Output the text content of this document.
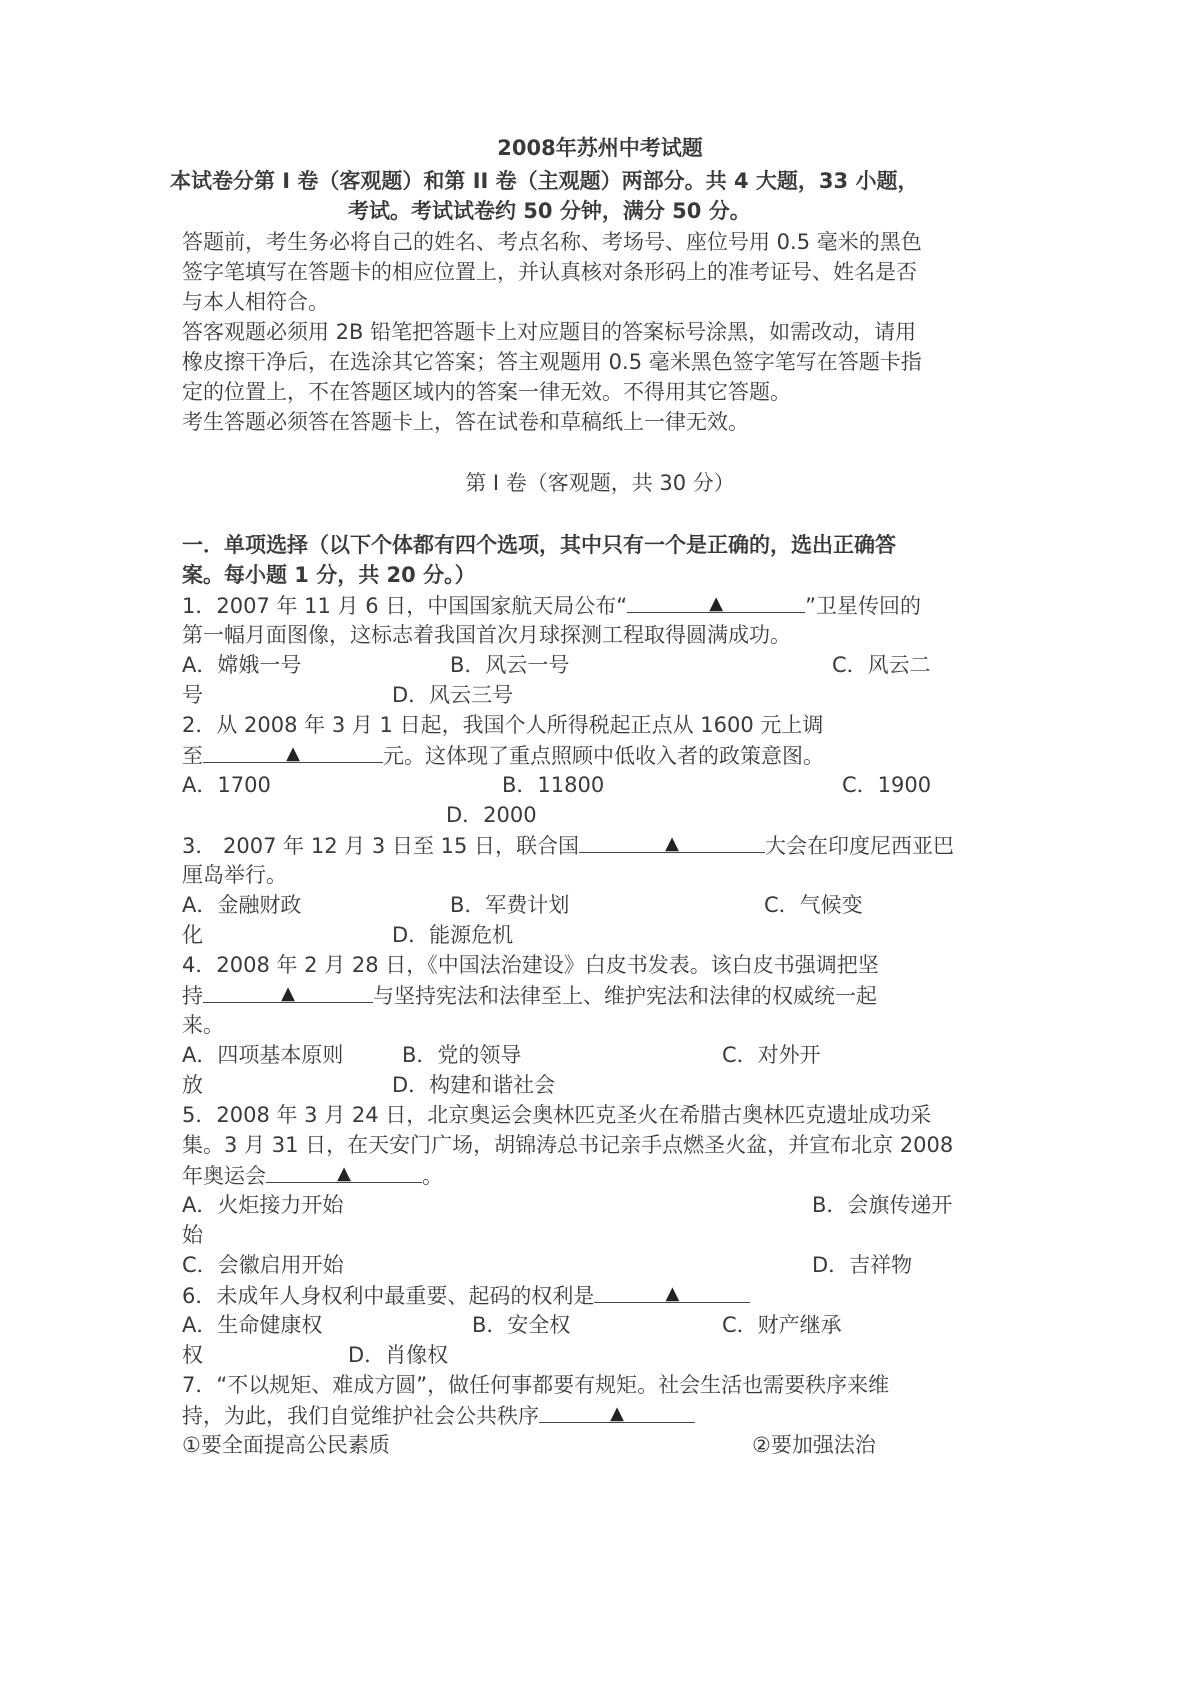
2008年苏州中考试题
本试卷分第 I 卷（客观题）和第 II 卷（主观题）两部分。共 4 大题，33 小题，
考试。考试试卷约 50 分钟，满分 50 分。
答题前，考生务必将自己的姓名、考点名称、考场号、座位号用 0.5 毫米的黑色
签字笔填写在答题卡的相应位置上，并认真核对条形码上的准考证号、姓名是否
与本人相符合。
答客观题必须用 2B 铅笔把答题卡上对应题目的答案标号涂黑，如需改动，请用
橡皮擦干净后，在选涂其它答案；答主观题用 0.5 毫米黑色签字笔写在答题卡指
定的位置上，不在答题区域内的答案一律无效。不得用其它答题。
考生答题必须答在答题卡上，答在试卷和草稿纸上一律无效。
第 I 卷（客观题，共 30 分）
一．单项选择（以下个体都有四个选项，其中只有一个是正确的，选出正确答
案。每小题 1 分，共 20 分。）
1．2007 年 11 月 6 日，中国国家航天局公布“	▲	”卫星传回的
第一幅月面图像，这标志着我国首次月球探测工程取得圆满成功。
A．嫦娥一号	B．风云一号	C．风云二
号	D．风云三号
2．从 2008 年 3 月 1 日起，我国个人所得税起正点从 1600 元上调
至	▲	元。这体现了重点照顾中低收入者的政策意图。
A．1700	B．11800	C．1900
D．2000
3． 2007 年 12 月 3 日至 15 日，联合国	▲	大会在印度尼西亚巴
厘岛举行。
A．金融财政	B．军费计划	C．气候变
化	D．能源危机
4．2008 年 2 月 28 日，《中国法治建设》白皮书发表。该白皮书强调把坚
持	▲	与坚持宪法和法律至上、维护宪法和法律的权威统一起
来。
A．四项基本原则	B．党的领导	C．对外开
放	D．构建和谐社会
5．2008 年 3 月 24 日，北京奥运会奥林匹克圣火在希腊古奥林匹克遗址成功采
集。3 月 31 日，在天安门广场，胡锦涛总书记亲手点燃圣火盆，并宣布北京 2008
年奥运会	▲	。
A．火炬接力开始	B．会旗传递开
始
C．会徽启用开始	D．吉祥物
6．未成年人身权利中最重要、起码的权利是	▲
A．生命健康权	B．安全权	C．财产继承
权	D．肖像权
7．“不以规矩、难成方圆”，做任何事都要有规矩。社会生活也需要秩序来维
持，为此，我们自觉维护社会公共秩序	▲
①要全面提高公民素质	②要加强法治
